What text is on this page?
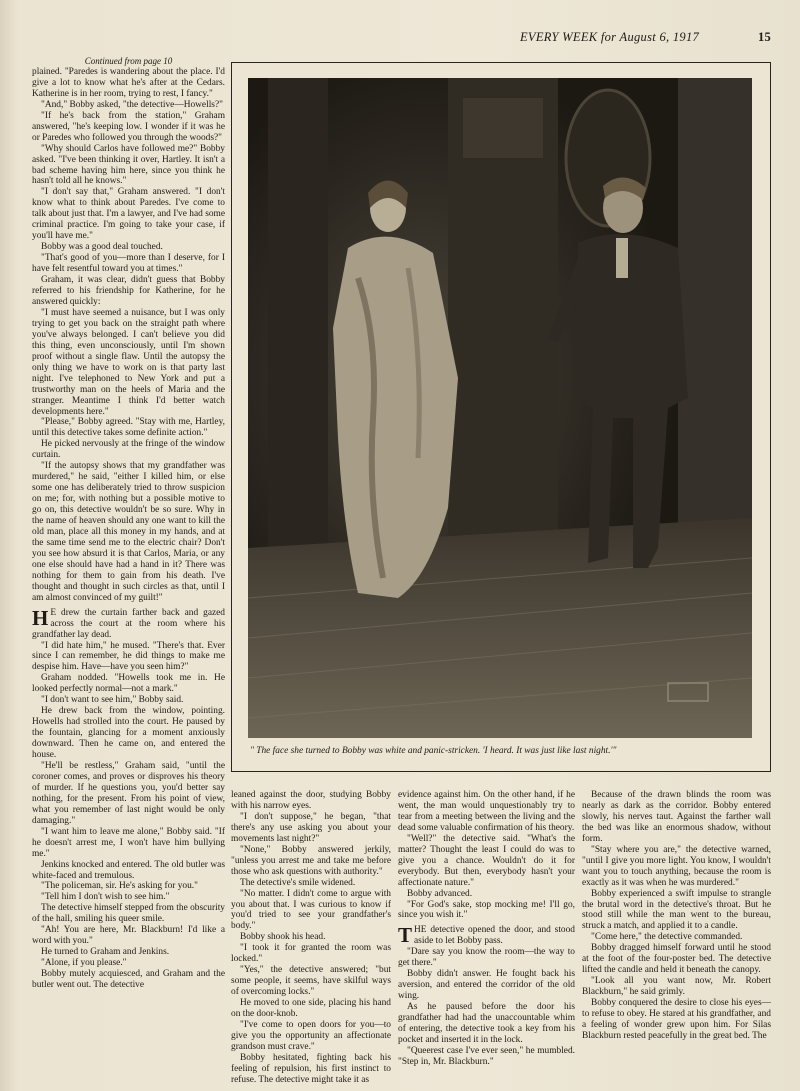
EVERY WEEK for August 6, 1917	15

Continued from page 10

plained. "Paredes is wandering about the place. I'd give a lot to know what he's after at the Cedars. Katherine is in her room, trying to rest, I fancy."

"And," Bobby asked, "the detective—Howells?"

"If he's back from the station," Graham answered, "he's keeping low. I wonder if it was he or Paredes who followed you through the woods?"

"Why should Carlos have followed me?" Bobby asked. "I've been thinking it over, Hartley. It isn't a bad scheme having him here, since you think he hasn't told all he knows."

"I don't say that," Graham answered. "I don't know what to think about Paredes. I've come to talk about just that. I'm a lawyer, and I've had some criminal practice. I'm going to take your case, if you'll have me."

Bobby was a good deal touched.

"That's good of you—more than I deserve, for I have felt resentful toward you at times."

Graham, it was clear, didn't guess that Bobby referred to his friendship for Katherine, for he answered quickly:

"I must have seemed a nuisance, but I was only trying to get you back on the straight path where you've always belonged. I can't believe you did this thing, even unconsciously, until I'm shown proof without a single flaw. Until the autopsy the only thing we have to work on is that party last night. I've telephoned to New York and put a trustworthy man on the heels of Maria and the stranger. Meantime I think I'd better watch developments here."

"Please," Bobby agreed. "Stay with me, Hartley, until this detective takes some definite action."

He picked nervously at the fringe of the window curtain.

"If the autopsy shows that my grandfather was murdered," he said, "either I killed him, or else some one has deliberately tried to throw suspicion on me; for, with nothing but a possible motive to go on, this detective wouldn't be so sure. Why in the name of heaven should any one want to kill the old man, place all this money in my hands, and at the same time send me to the electric chair? Don't you see how absurd it is that Carlos, Maria, or any one else should have had a hand in it? There was nothing for them to gain from his death. I've thought and thought in such circles as that, until I am almost convinced of my guilt!"

H E drew the curtain farther back and gazed across the court at the room where his grandfather lay dead.

"I did hate him," he mused. "There's that. Ever since I can remember, he did things to make me despise him. Have—have you seen him?"

Graham nodded. "Howells took me in. He looked perfectly normal—not a mark."

"I don't want to see him," Bobby said.

He drew back from the window, pointing. Howells had strolled into the court. He paused by the fountain, glancing for a moment anxiously downward. Then he came on, and entered the house.

"He'll be restless," Graham said, "until the coroner comes, and proves or disproves his theory of murder. If he questions you, you'd better say nothing, for the present. From his point of view, what you remember of last night would be only damaging."

"I want him to leave me alone," Bobby said. "If he doesn't arrest me, I won't have him bullying me."

Jenkins knocked and entered. The old butler was white-faced and tremulous.

"The policeman, sir. He's asking for you."

"Tell him I don't wish to see him."

The detective himself stepped from the obscurity of the hall, smiling his queer smile.

"Ah! You are here, Mr. Blackburn! I'd like a word with you."

He turned to Graham and Jenkins.

"Alone, if you please."

Bobby mutely acquiesced, and Graham and the butler went out. The detective

" The face she turned to Bobby was white and panic-stricken. 'I heard. It was just like last night.'"

leaned against the door, studying Bobby with his narrow eyes.

"I don't suppose," he began, "that there's any use asking you about your movements last night?"

"None," Bobby answered jerkily, "unless you arrest me and take me before those who ask questions with authority."

The detective's smile widened.

"No matter. I didn't come to argue with you about that. I was curious to know if you'd tried to see your grandfather's body."

Bobby shook his head.

"I took it for granted the room was locked."

"Yes," the detective answered; "but some people, it seems, have skilful ways of overcoming locks."

He moved to one side, placing his hand on the door-knob.

"I've come to open doors for you—to give you the opportunity an affectionate grandson must crave."

Bobby hesitated, fighting back his feeling of repulsion, his first instinct to refuse. The detective might take it as

evidence against him. On the other hand, if he went, the man would unquestionably try to tear from a meeting between the living and the dead some valuable confirmation of his theory.

"Well?" the detective said. "What's the matter? Thought the least I could do was to give you a chance. Wouldn't do it for everybody. But then, everybody hasn't your affectionate nature."

Bobby advanced.

"For God's sake, stop mocking me! I'll go, since you wish it."

THE detective opened the door, and stood aside to let Bobby pass.

"Dare say you know the room—the way to get there."

Bobby didn't answer. He fought back his aversion, and entered the corridor of the old wing.

As he paused before the door his grandfather had had the unaccountable whim of entering, the detective took a key from his pocket and inserted it in the lock.

"Queerest case I've ever seen," he mumbled. "Step in, Mr. Blackburn."

Because of the drawn blinds the room was nearly as dark as the corridor. Bobby entered slowly, his nerves taut. Against the farther wall the bed was like an enormous shadow, without form.

"Stay where you are," the detective warned, "until I give you more light. You know, I wouldn't want you to touch anything, because the room is exactly as it was when he was murdered."

Bobby experienced a swift impulse to strangle the brutal word in the detective's throat. But he stood still while the man went to the bureau, struck a match, and applied it to a candle.

"Come here," the detective commanded.

Bobby dragged himself forward until he stood at the foot of the four-poster bed. The detective lifted the candle and held it beneath the canopy.

"Look all you want now, Mr. Robert Blackburn," he said grimly.

Bobby conquered the desire to close his eyes—to refuse to obey. He stared at his grandfather, and a feeling of wonder grew upon him. For Silas Blackburn rested peacefully in the great bed. The
